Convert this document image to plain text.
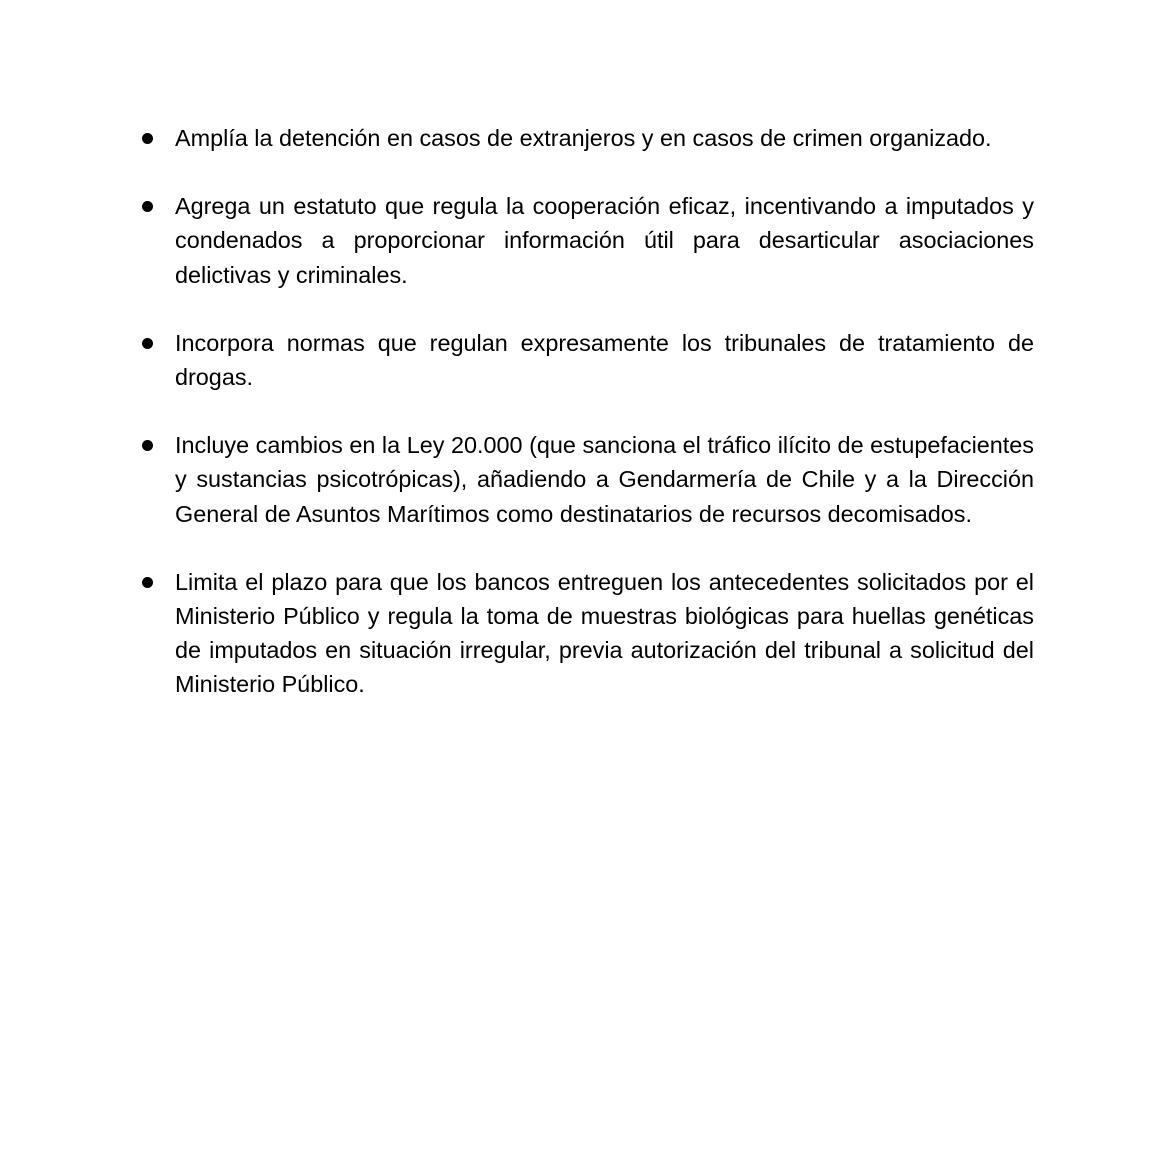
Amplía la detención en casos de extranjeros y en casos de crimen organizado.
Agrega un estatuto que regula la cooperación eficaz, incentivando a imputados y condenados a proporcionar información útil para desarticular asociaciones delictivas y criminales.
Incorpora normas que regulan expresamente los tribunales de tratamiento de drogas.
Incluye cambios en la Ley 20.000 (que sanciona el tráfico ilícito de estupefacientes y sustancias psicotrópicas), añadiendo a Gendarmería de Chile y a la Dirección General de Asuntos Marítimos como destinatarios de recursos decomisados.
Limita el plazo para que los bancos entreguen los antecedentes solicitados por el Ministerio Público y regula la toma de muestras biológicas para huellas genéticas de imputados en situación irregular, previa autorización del tribunal a solicitud del Ministerio Público.
